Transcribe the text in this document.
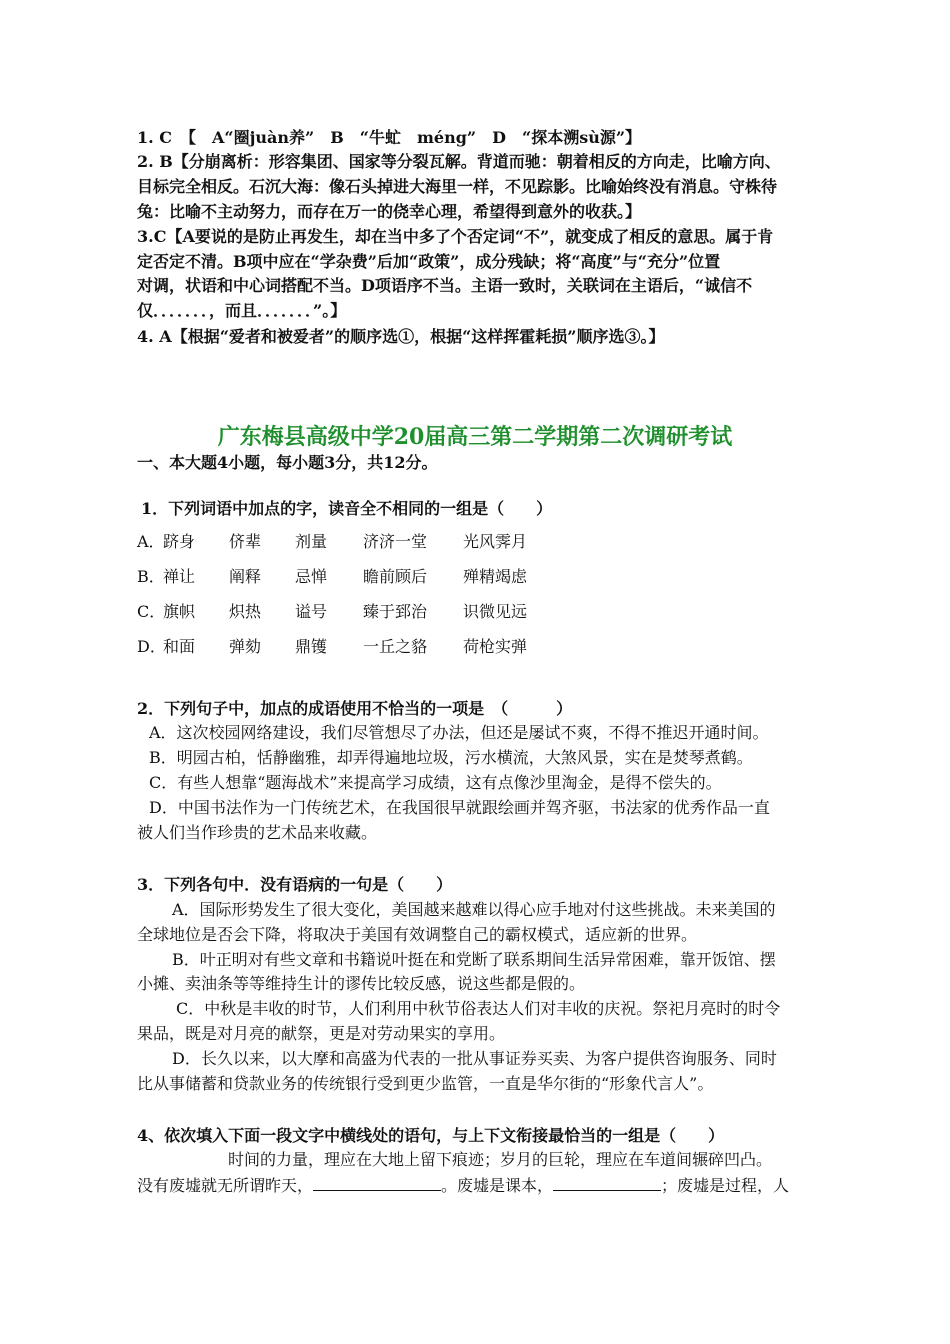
1. C　【　A“圈juàn养”　B　“牛虻　méng”　D　“探本溯sù源”】
2. B【分崩离析：形容集团、国家等分裂瓦解。背道而驰：朝着相反的方向走，比喻方向、
目标完全相反。石沉大海：像石头掉进大海里一样，不见踪影。比喻始终没有消息。守株待
兔：比喻不主动努力，而存在万一的侥幸心理，希望得到意外的收获。】
3.C【A要说的是防止再发生，却在当中多了个否定词“不”，就变成了相反的意思。属于肯
定否定不清。B项中应在“学杂费”后加“政策”，成分残缺；将“高度”与“充分”位置
对调，状语和中心词搭配不当。D项语序不当。主语一致时，关联词在主语后，“诚信不
仅．．．．．．．，而且．．．．．．．”。】
4. A【根据“爱者和被爱者”的顺序选①，根据“这样挥霍耗损”顺序选③。】
广东梅县高级中学20届高三第二学期第二次调研考试
一、本大题4小题，每小题3分，共12分。
1．下列词语中加点的字，读音全不相同的一组是（　　）
A．
跻身 侪辈 剂量 济济一堂 光风霁月
B．
禅让 阐释 忌惮 瞻前顾后 殚精竭虑
C．
旗帜 炽热 谥号 臻于郅治 识微见远
D．
和面 弹劾 鼎镬 一丘之貉 荷枪实弹
2．下列句子中，加点的成语使用不恰当的一项是　（　　　）
A．这次校园网络建设，我们尽管想尽了办法，但还是屡试不爽，不得不推迟开通时间。
B．明园古柏，恬静幽雅，却弄得遍地垃圾，污水横流，大煞风景，实在是焚琴煮鹤。
C．有些人想靠“题海战术”来提高学习成绩，这有点像沙里淘金，是得不偿失的。
D．中国书法作为一门传统艺术，在我国很早就跟绘画并驾齐驱，书法家的优秀作品一直
被人们当作珍贵的艺术品来收藏。
3．下列各句中．没有语病的一句是（　　）
A．国际形势发生了很大变化，美国越来越难以得心应手地对付这些挑战。未来美国的
全球地位是否会下降，将取决于美国有效调整自己的霸权模式，适应新的世界。
B．叶正明对有些文章和书籍说叶挺在和党断了联系期间生活异常困难，靠开饭馆、摆
小摊、卖油条等等维持生计的谬传比较反感，说这些都是假的。
C．中秋是丰收的时节，人们利用中秋节俗表达人们对丰收的庆祝。祭祀月亮时的时令
果品，既是对月亮的献祭，更是对劳动果实的享用。
D．长久以来，以大摩和高盛为代表的一批从事证券买卖、为客户提供咨询服务、同时
比从事储蓄和贷款业务的传统银行受到更少监管，一直是华尔街的“形象代言人”。
4、依次填入下面一段文字中横线处的语句，与上下文衔接最恰当的一组是（　　）
时间的力量，理应在大地上留下痕迹；岁月的巨轮，理应在车道间辗碎凹凸。
没有废墟就无所谓昨天，	。废墟是课本，	；废墟是过程，人
